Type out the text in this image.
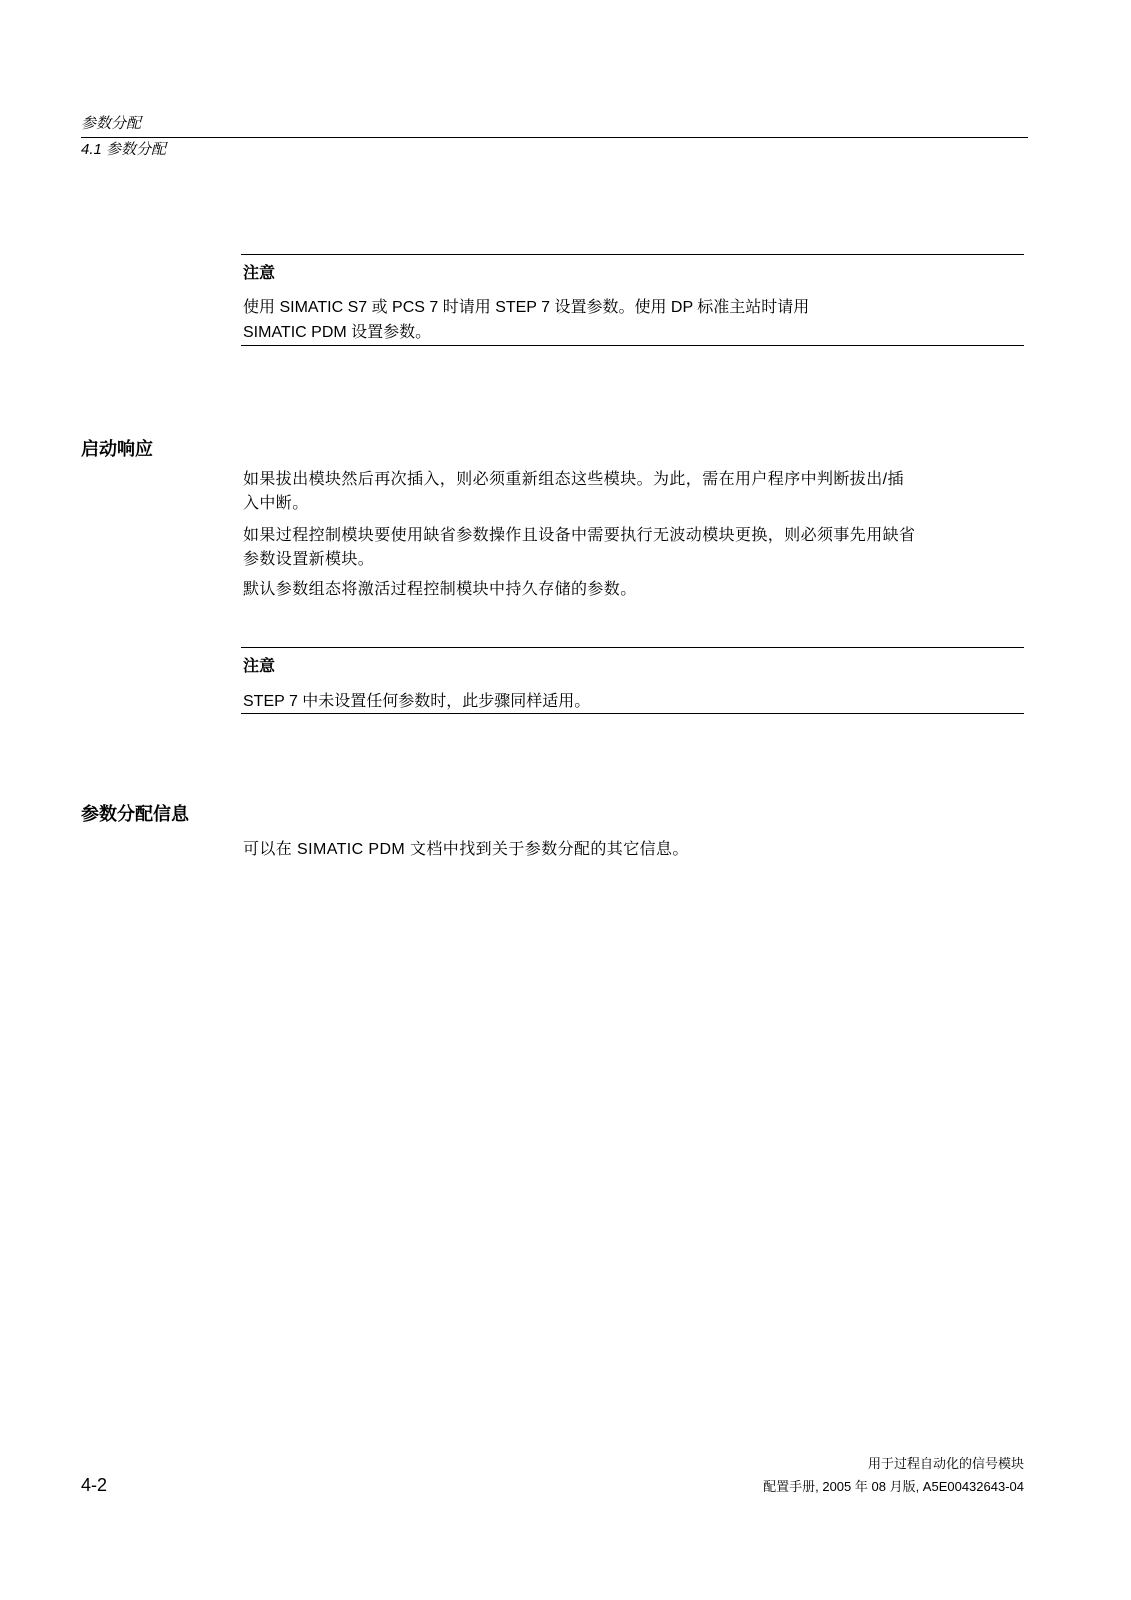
参数分配
4.1 参数分配
注意
使用 SIMATIC S7 或 PCS 7 时请用 STEP 7 设置参数。使用 DP 标准主站时请用
SIMATIC PDM 设置参数。
启动响应
如果拔出模块然后再次插入，则必须重新组态这些模块。为此，需在用户程序中判断拔出/插
入中断。
如果过程控制模块要使用缺省参数操作且设备中需要执行无波动模块更换，则必须事先用缺省
参数设置新模块。
默认参数组态将激活过程控制模块中持久存储的参数。
注意
STEP 7 中未设置任何参数时，此步骤同样适用。
参数分配信息
可以在 SIMATIC PDM 文档中找到关于参数分配的其它信息。
4-2
用于过程自动化的信号模块
配置手册, 2005 年 08 月版, A5E00432643-04
